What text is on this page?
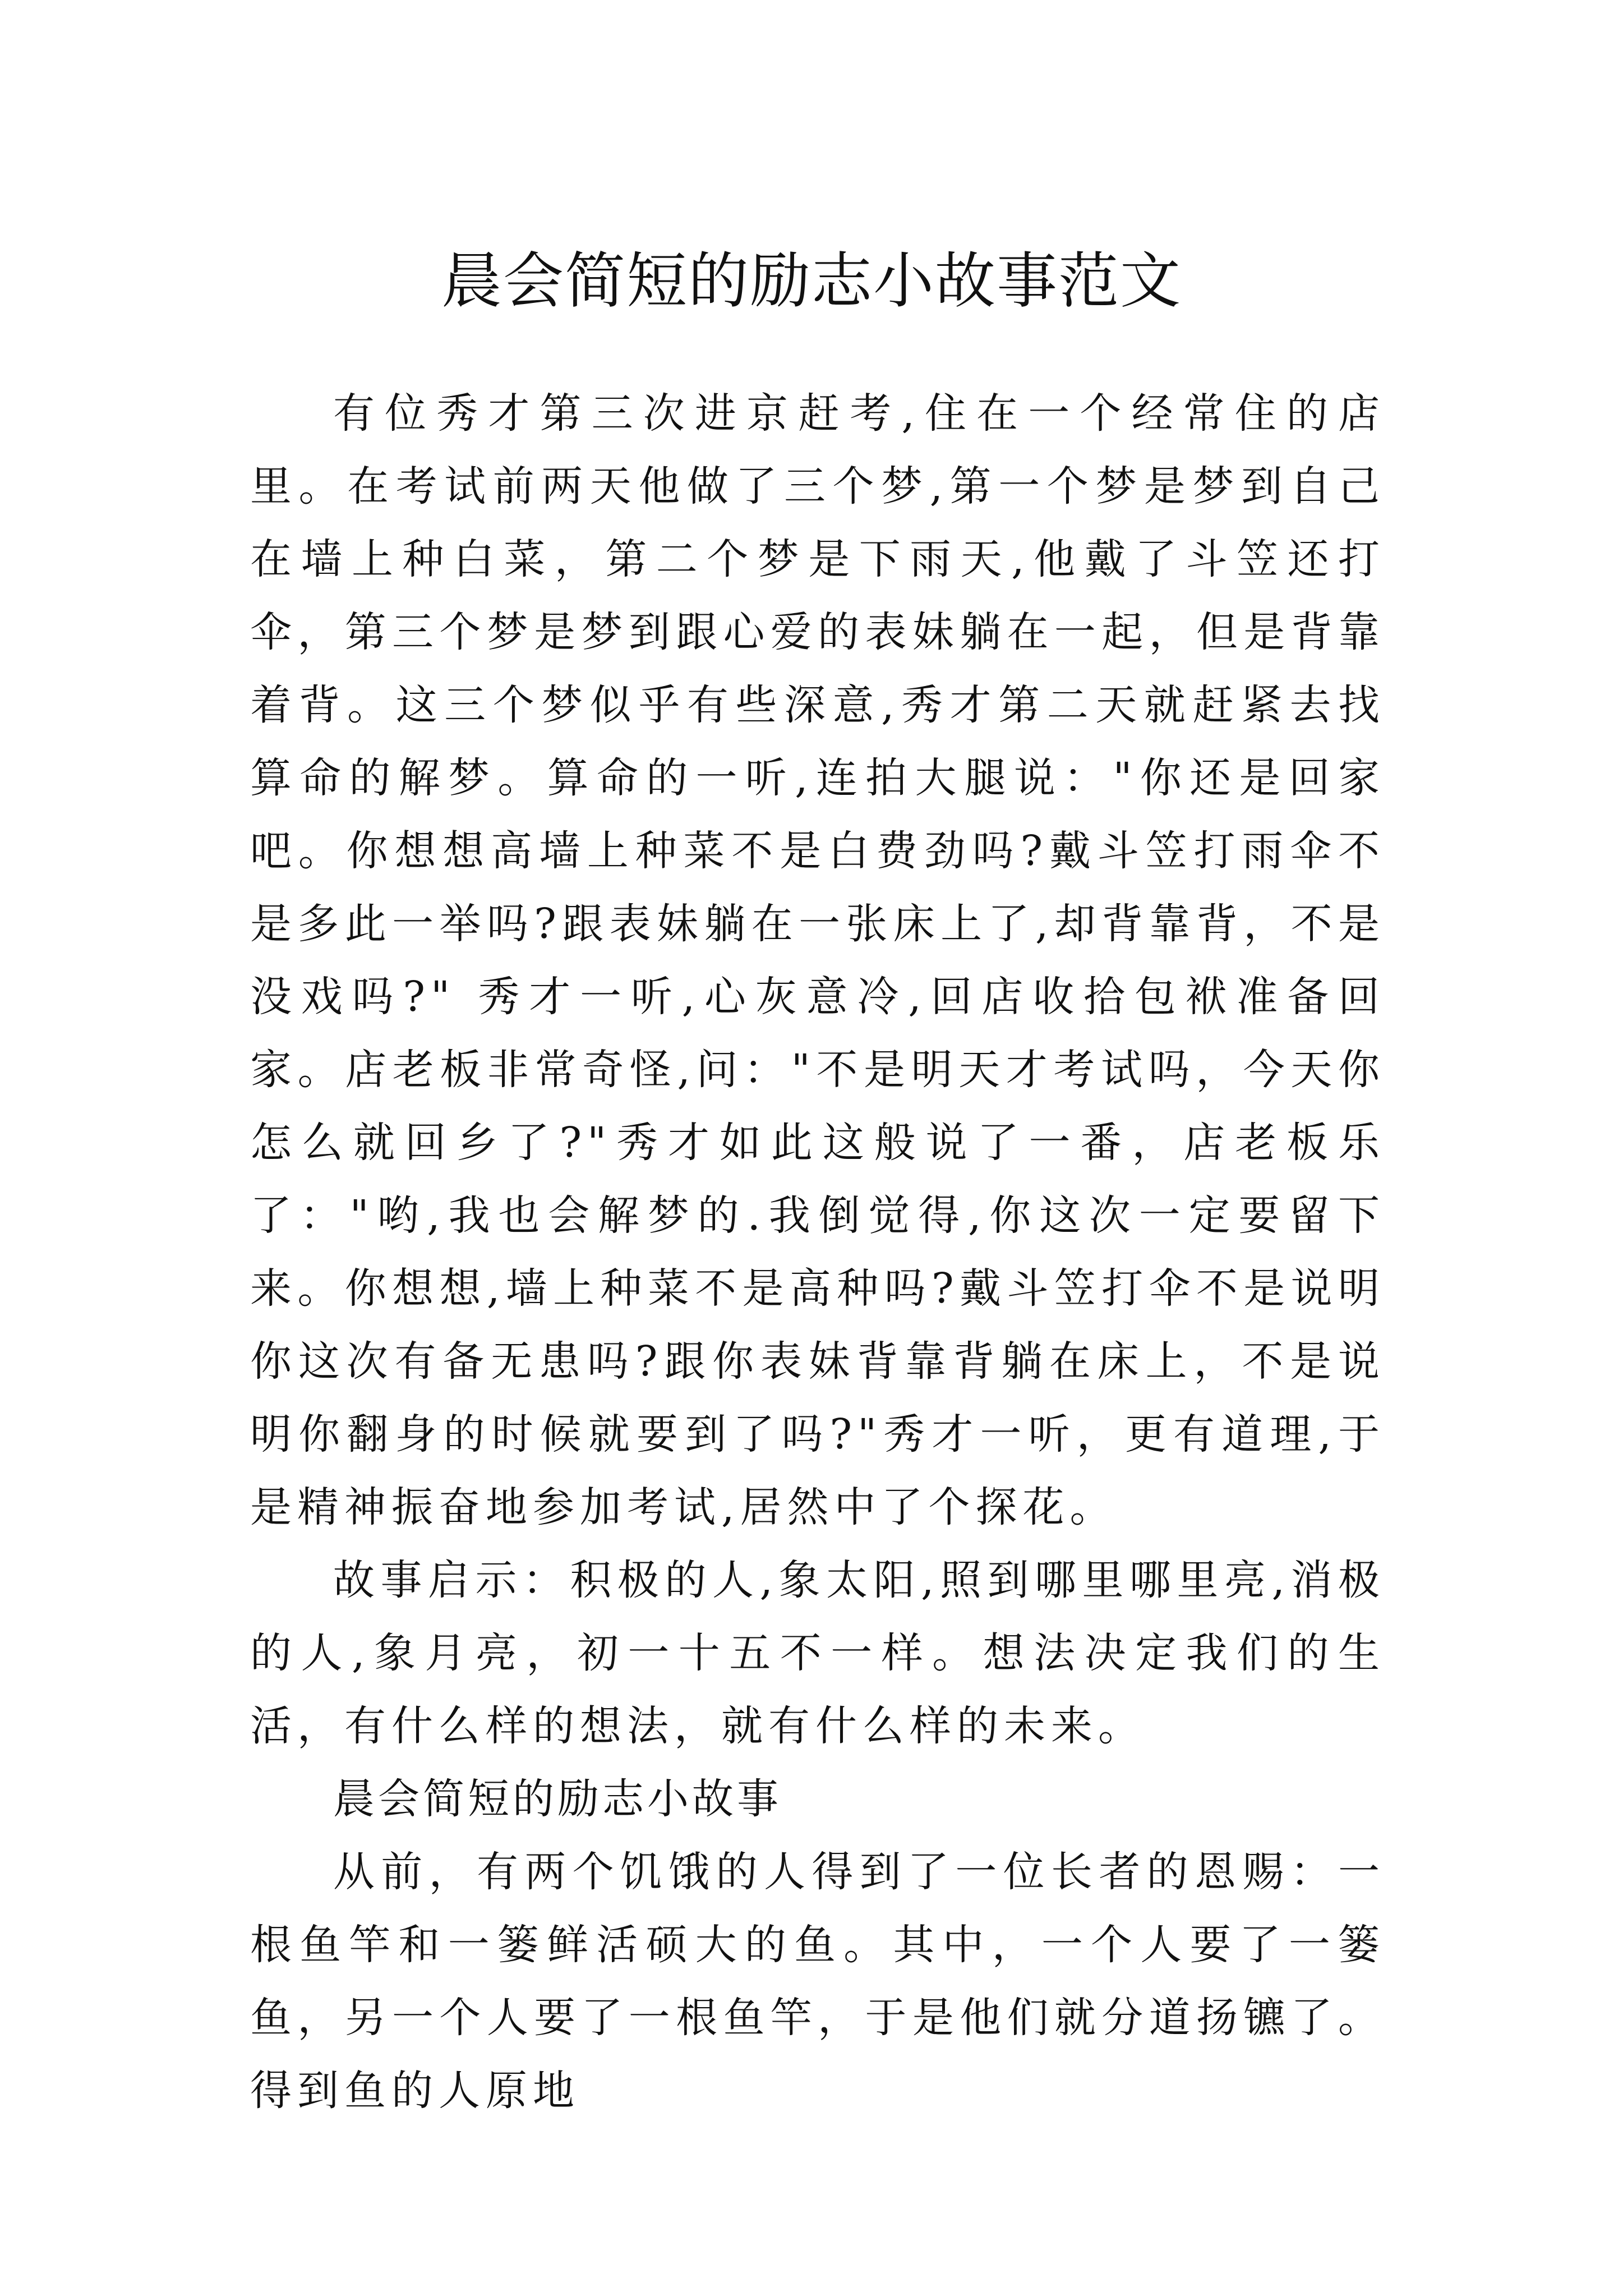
晨会简短的励志小故事范文

有位秀才第三次进京赶考,住在一个经常住的店里。在考试前两天他做了三个梦,第一个梦是梦到自己在墙上种白菜，第二个梦是下雨天,他戴了斗笠还打伞，第三个梦是梦到跟心爱的表妹躺在一起，但是背靠着背。这三个梦似乎有些深意,秀才第二天就赶紧去找算命的解梦。算命的一听,连拍大腿说："你还是回家吧。你想想高墙上种菜不是白费劲吗?戴斗笠打雨伞不是多此一举吗?跟表妹躺在一张床上了,却背靠背，不是没戏吗?" 秀才一听,心灰意冷,回店收拾包袱准备回家。店老板非常奇怪,问："不是明天才考试吗，今天你怎么就回乡了?"秀才如此这般说了一番，店老板乐了："哟,我也会解梦的.我倒觉得,你这次一定要留下来。你想想,墙上种菜不是高种吗?戴斗笠打伞不是说明你这次有备无患吗?跟你表妹背靠背躺在床上，不是说明你翻身的时候就要到了吗?"秀才一听，更有道理,于是精神振奋地参加考试,居然中了个探花。

故事启示：积极的人,象太阳,照到哪里哪里亮,消极的人,象月亮，初一十五不一样。想法决定我们的生活，有什么样的想法，就有什么样的未来。

晨会简短的励志小故事

从前，有两个饥饿的人得到了一位长者的恩赐：一根鱼竿和一篓鲜活硕大的鱼。其中，一个人要了一篓鱼，另一个人要了一根鱼竿，于是他们就分道扬镳了。得到鱼的人原地
